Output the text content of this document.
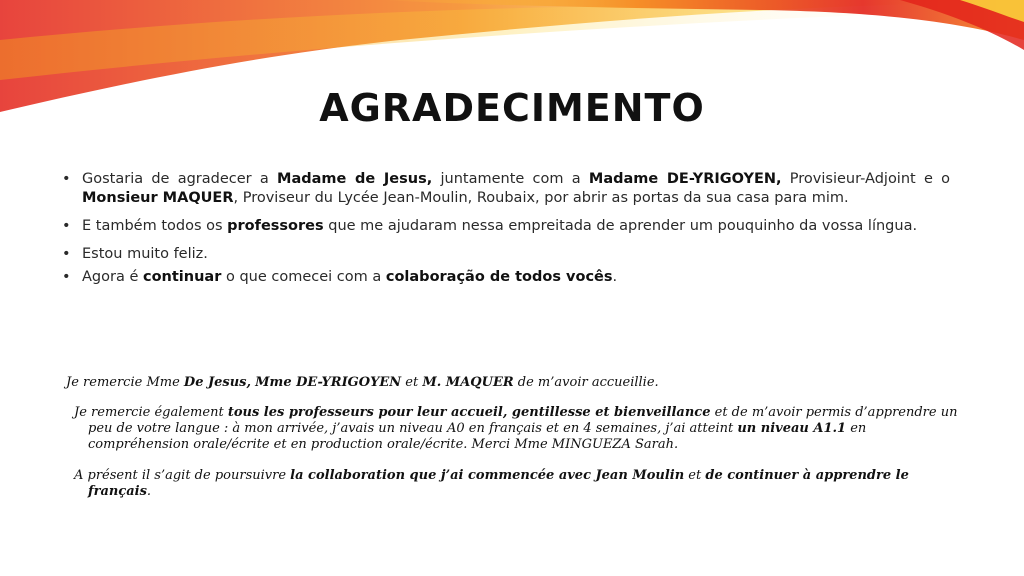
AGRADECIMENTO
• Gostaria de agradecer a Madame de Jesus, juntamente com a Madame DE-YRIGOYEN, Provisieur-Adjoint e o Monsieur MAQUER, Proviseur du Lycée Jean-Moulin, Roubaix, por abrir as portas da sua casa para mim.
• E também todos os professores que me ajudaram nessa empreitada de aprender um pouquinho da vossa língua.
• Estou muito feliz.
• Agora é continuar o que comecei com a colaboração de todos vocês.
Je remercie Mme De Jesus, Mme DE-YRIGOYEN et M. MAQUER de m’avoir accueillie.
Je remercie également tous les professeurs pour leur accueil, gentillesse et bienveillance et de m’avoir permis d’apprendre un
peu de votre langue : à mon arrivée, j’avais un niveau A0 en français et en 4 semaines, j’ai atteint un niveau A1.1 en
compréhension orale/écrite et en production orale/écrite. Merci Mme MINGUEZA Sarah.
A présent il s’agit de poursuivre la collaboration que j’ai commencée avec Jean Moulin et de continuer à apprendre le
français.
